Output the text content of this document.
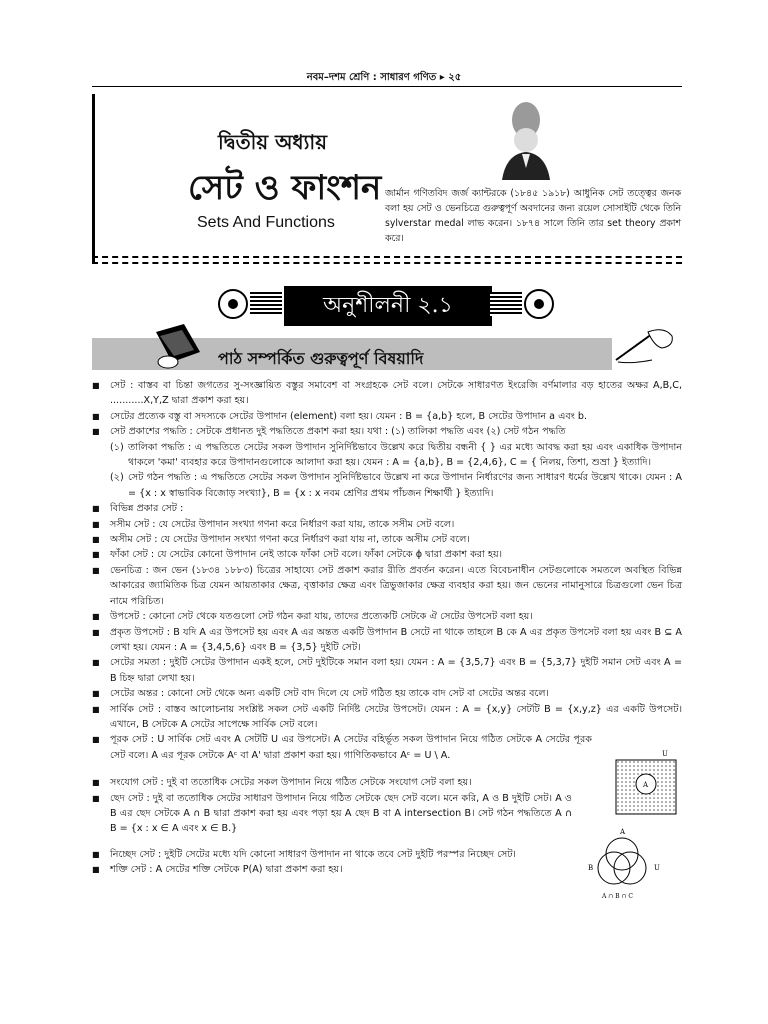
নবম–দশম শ্রেণি : সাধারণ গণিত ▸ ২৫
দ্বিতীয় অধ্যায়
সেট ও ফাংশন
Sets And Functions
জার্মান গণিতবিদ জর্জ ক্যান্টরকে (১৮৪৫ ১৯১৮) আধুনিক সেট তত্ত্বের জনক বলা হয় সেট ও ভেনচিত্রে গুরুত্বপূর্ণ অবদানের জন্য রয়েল সোসাইটি থেকে তিনি sylverstar medal লাভ করেন। ১৮৭৪ সালে তিনি তার set theory প্রকাশ করে।
অনুশীলনী ২.১
পাঠ সম্পর্কিত গুরুত্বপূর্ণ বিষয়াদি

■ সেট : বাস্তব বা চিন্তা জগতের সু-সংজ্ঞায়িত বস্তুর সমাবেশ বা সংগ্রহকে সেট বলে। সেটকে সাধারণত ইংরেজি বর্ণমালার বড় হাতের অক্ষর A,B,C, ...........X,Y,Z দ্বারা প্রকাশ করা হয়।

■ সেটের প্রত্যেক বস্তু বা সদস্যকে সেটের উপাদান (element) বলা হয়। যেমন : B = {a,b} হলে, B সেটের উপাদান a এবং b.

■ সেট প্রকাশের পদ্ধতি : সেটকে প্রধানত দুই পদ্ধতিতে প্রকাশ করা হয়। যথা : (১) তালিকা পদ্ধতি এবং (২) সেট গঠন পদ্ধতি

(১) তালিকা পদ্ধতি : এ পদ্ধতিতে সেটের সকল উপাদান সুনির্দিষ্টভাবে উল্লেখ করে দ্বিতীয় বন্ধনী { } এর মধ্যে আবদ্ধ করা হয় এবং একাধিক উপাদান থাকলে 'কমা' ব্যবহার করে উপাদানগুলোকে আলাদা করা হয়। যেমন : A = {a,b}, B = {2,4,6}, C = { নিলয়, তিশা, শুভ্রা } ইত্যাদি।

(২) সেট গঠন পদ্ধতি : এ পদ্ধতিতে সেটের সকল উপাদান সুনির্দিষ্টভাবে উল্লেখ না করে উপাদান নির্ধারণের জন্য সাধারণ ধর্মের উল্লেখ থাকে। যেমন : A = {x : x স্বাভাবিক বিজোড় সংখ্যা}, B = {x : x নবম শ্রেণির প্রথম পাঁচজন শিক্ষার্থী } ইত্যাদি।

■ বিভিন্ন প্রকার সেট :

■ সসীম সেট : যে সেটের উপাদান সংখ্যা গণনা করে নির্ধারণ করা যায়, তাকে সসীম সেট বলে।

■ অসীম সেট : যে সেটের উপাদান সংখ্যা গণনা করে নির্ধারণ করা যায় না, তাকে অসীম সেট বলে।

■ ফাঁকা সেট : যে সেটের কোনো উপাদান নেই তাকে ফাঁকা সেট বলে। ফাঁকা সেটকে ϕ দ্বারা প্রকাশ করা হয়।

■ ভেনচিত্র : জন ভেন (১৮৩৪ ১৮৮৩) চিত্রের সাহায্যে সেট প্রকাশ করার রীতি প্রবর্তন করেন। এতে বিবেচনাধীন সেটগুলোকে সমতলে অবস্থিত বিভিন্ন আকারের জ্যামিতিক চিত্র যেমন আয়তাকার ক্ষেত্র, বৃত্তাকার ক্ষেত্র এবং ত্রিভুজাকার ক্ষেত্র ব্যবহার করা হয়। জন ভেনের নামানুসারে চিত্রগুলো ভেন চিত্র নামে পরিচিত।

■ উপসেট : কোনো সেট থেকে যতগুলো সেট গঠন করা যায়, তাদের প্রত্যেকটি সেটকে ঐ সেটের উপসেট বলা হয়।

■ প্রকৃত উপসেট : B যদি A এর উপসেট হয় এবং A এর অন্তত একটি উপাদান B সেটে না থাকে তাহলে B কে A এর প্রকৃত উপসেট বলা হয় এবং B ⊆ A লেখা হয়। যেমন : A = {3,4,5,6} এবং B = {3,5} দুইটি সেট।

■ সেটের সমতা : দুইটি সেটের উপাদান একই হলে, সেট দুইটিকে সমান বলা হয়। যেমন : A = {3,5,7} এবং B = {5,3,7} দুইটি সমান সেট এবং A = B চিহ্ন দ্বারা লেখা হয়।

■ সেটের অন্তর : কোনো সেট থেকে অন্য একটি সেট বাদ দিলে যে সেট গঠিত হয় তাকে বাদ সেট বা সেটের অন্তর বলে।

■ সার্বিক সেট : বাস্তব আলোচনায় সংশ্লিষ্ট সকল সেট একটি নির্দিষ্ট সেটের উপসেট। যেমন : A = {x,y} সেটটি B = {x,y,z} এর একটি উপসেট। এখানে, B সেটকে A সেটের সাপেক্ষে সার্বিক সেট বলে।

■ পূরক সেট : U সার্বিক সেট এবং A সেটটি U এর উপসেট। A সেটের বহির্ভূত সকল উপাদান নিয়ে গঠিত সেটকে A সেটের পূরক সেট বলে। A এর পূরক সেটকে Aᶜ বা A' দ্বারা প্রকাশ করা হয়। গাণিতিকভাবে Aᶜ = U \ A.

■ সংযোগ সেট : দুই বা ততোধিক সেটের সকল উপাদান নিয়ে গঠিত সেটকে সংযোগ সেট বলা হয়।

■ ছেদ সেট : দুই বা ততোধিক সেটের সাধারণ উপাদান নিয়ে গঠিত সেটকে ছেদ সেট বলে। মনে করি, A ও B দুইটি সেট। A ও B এর ছেদ সেটকে A ∩ B দ্বারা প্রকাশ করা হয় এবং পড়া হয় A ছেদ B বা A intersection B। সেট গঠন পদ্ধতিতে A ∩ B = {x : x ∈ A এবং x ∈ B.}

■ নিচ্ছেদ সেট : দুইটি সেটের মধ্যে যদি কোনো সাধারণ উপাদান না থাকে তবে সেট দুইটি পরস্পর নিচ্ছেদ সেট।

■ শক্তি সেট : A সেটের শক্তি সেটকে P(A) দ্বারা প্রকাশ করা হয়।

U
A
A
B	U
A ∩ B ∩ C
